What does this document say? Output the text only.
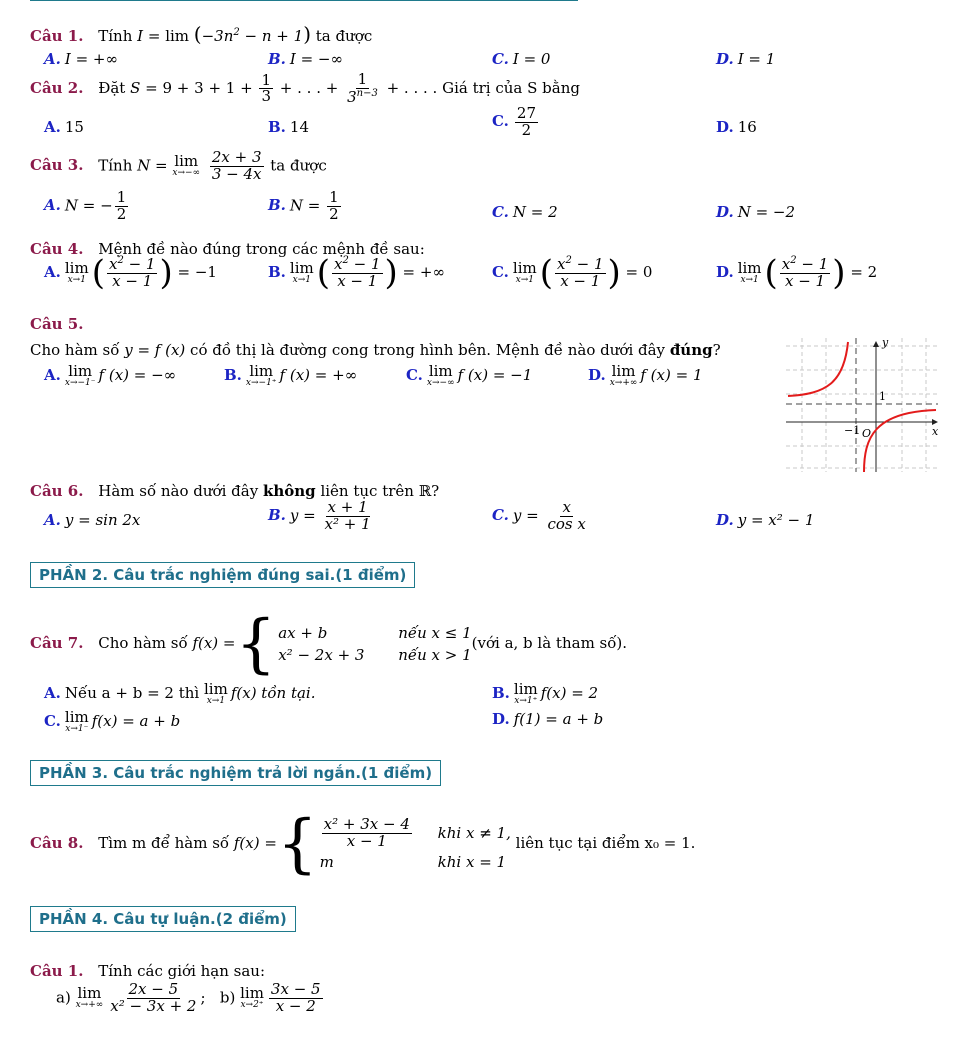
Câu 1. Tính $I = \lim (-3n^2 - n + 1)$ ta được
A. I = +∞	B. I = −∞	C. I = 0	D. I = 1
Câu 2. Đặt $S = 9 + 3 + 1 + \frac{1}{3}$ + . . . + $\frac{1}{3^{n-3}}$ + . . . . Giá trị của S bằng
A. 15	B. 14	C. $\frac{27}{2}$	D. 16
Câu 3. Tính N = lim
x→−∞
$\frac{2x + 3}{3 - 4x}$ ta được
A. N = − $\frac{1}{2}$	B. $N = \frac{1}{2}$	C. N = 2	D. N = −2
Câu 4. Mệnh đề nào đúng trong các mệnh đề sau:
A. lim
x→1 ( $\frac{x^2 - 1}{x - 1}$ ) = −1	B. lim
x→1 ( $\frac{x^2 - 1}{x - 1}$ ) = +∞	C. lim
x→1 ( $\frac{x^2 - 1}{x - 1}$ ) = 0	D. lim
x→1 ( $\frac{x^2 - 1}{x - 1}$ ) = 2
Câu 5.
Cho hàm số y = f (x) có đồ thị là đường cong trong hình bên. Mệnh đề nào dưới đây đúng?
A. lim
x→−1⁻ f (x) = −∞	B. lim
x→−1⁺ f (x) = +∞	C. lim
x→−∞ f (x) = −1	D. lim
x→+∞ f (x) = 1
y
x
1
−1 O
Câu 6. Hàm số nào dưới đây không liên tục trên ℝ?
A. y = sin 2x	B. $y = \frac{x + 1}{\text{x² + 1}}$	C. $y = \frac{x}{\text{cos x}}$	D. y = x² − 1
PHẦN 2. Câu trắc nghiệm đúng sai.(1 điểm)
Câu 7. Cho hàm số f(x) ={ ax + b	nếu x ≤ 1
x² − 2x + 3	nếu x > 1
(với a, b là tham số).
A. Nếu a + b = 2 thì lim
x→1 f(x) tồn tại.	B. lim
x→1⁺ f(x) = 2
C. lim
x→1⁻ f(x) = a + b	D. f(1) = a + b
PHẦN 3. Câu trắc nghiệm trả lời ngắn.(1 điểm)
Câu 8. Tìm m để hàm số f(x) ={ $\frac{\text{x² + 3x − 4}}{x - 1}$ khi x ≠ 1,
m	khi x = 1
liên tục tại điểm x₀ = 1.
PHẦN 4. Câu tự luận.(2 điểm)
Câu 1. Tính các giới hạn sau:
a) lim
$x\to+\infty \frac{2x - 5}{\text{x² − 3x + 2}}$ ; b) lim
$x\to 2^+ \frac{3x - 5}{x - 2}$
